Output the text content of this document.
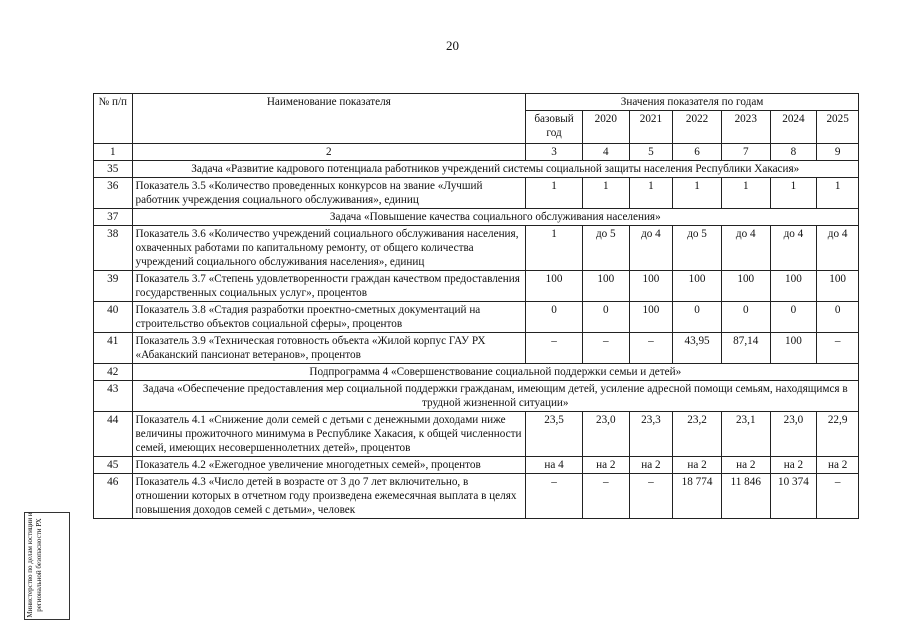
20
№ п/п	Наименование показателя	Значения показателя по годам						
		базовый год	2020	2021	2022	2023	2024	2025
1	2	3	4	5	6	7	8	9
35	Задача «Развитие кадрового потенциала работников учреждений системы социальной защиты населения Республики Хакасия»							
36	Показатель 3.5 «Количество проведенных конкурсов на звание «Лучший работник учреждения социального обслуживания», единиц	1	1	1	1	1	1	1
37	Задача «Повышение качества социального обслуживания населения»							
38	Показатель 3.6 «Количество учреждений социального обслуживания населения, охваченных работами по капитальному ремонту, от общего количества учреждений социального обслуживания населения», единиц	1	до 5	до 4	до 5	до 4	до 4	до 4
39	Показатель 3.7 «Степень удовлетворенности граждан качеством предоставления государственных социальных услуг», процентов	100	100	100	100	100	100	100
40	Показатель 3.8 «Стадия разработки проектно-сметных документаций на строительство объектов социальной сферы», процентов	0	0	100	0	0	0	0
41	Показатель 3.9 «Техническая готовность объекта «Жилой корпус ГАУ РХ «Абаканский пансионат ветеранов», процентов	–	–	–	43,95	87,14	100	–
42	Подпрограмма 4 «Совершенствование социальной поддержки семьи и детей»							
43	Задача «Обеспечение предоставления мер социальной поддержки гражданам, имеющим детей, усиление адресной помощи семьям, находящимся в трудной жизненной ситуации»							
44	Показатель 4.1 «Снижение доли семей с детьми с денежными доходами ниже величины прожиточного минимума в Республике Хакасия, к общей численности семей, имеющих несовершеннолетних детей», процентов	23,5	23,0	23,3	23,2	23,1	23,0	22,9
45	Показатель 4.2 «Ежегодное увеличение многодетных семей», процентов	на 4	на 2	на 2	на 2	на 2	на 2	на 2
46	Показатель 4.3 «Число детей в возрасте от 3 до 7 лет включительно, в отношении которых в отчетном году произведена ежемесячная выплата в целях повышения доходов семей с детьми», человек	–	–	–	18 774	11 846	10 374	–
Министерство по делам юстиции и региональной безопасности РХ
